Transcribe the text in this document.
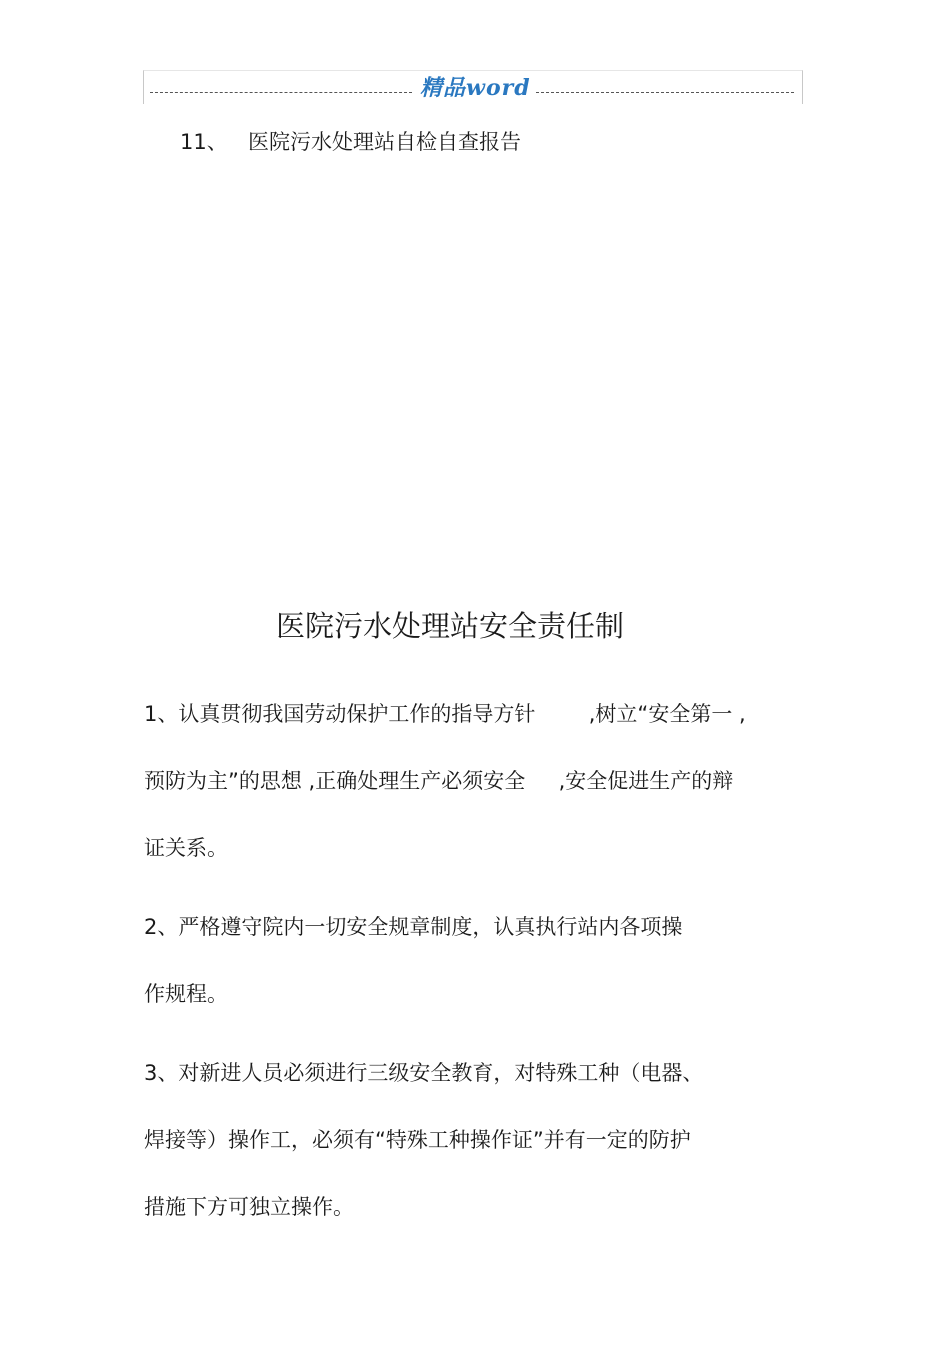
精品word
11、 医院污水处理站自检自查报告
医院污水处理站安全责任制
1、认真贯彻我国劳动保护工作的指导方针        ,树立“安全第一 ,
预防为主”的思想 ,正确处理生产必须安全     ,安全促进生产的辩
证关系。
2、严格遵守院内一切安全规章制度，认真执行站内各项操
作规程。
3、对新进人员必须进行三级安全教育，对特殊工种（电器、
焊接等）操作工，必须有“特殊工种操作证”并有一定的防护
措施下方可独立操作。
